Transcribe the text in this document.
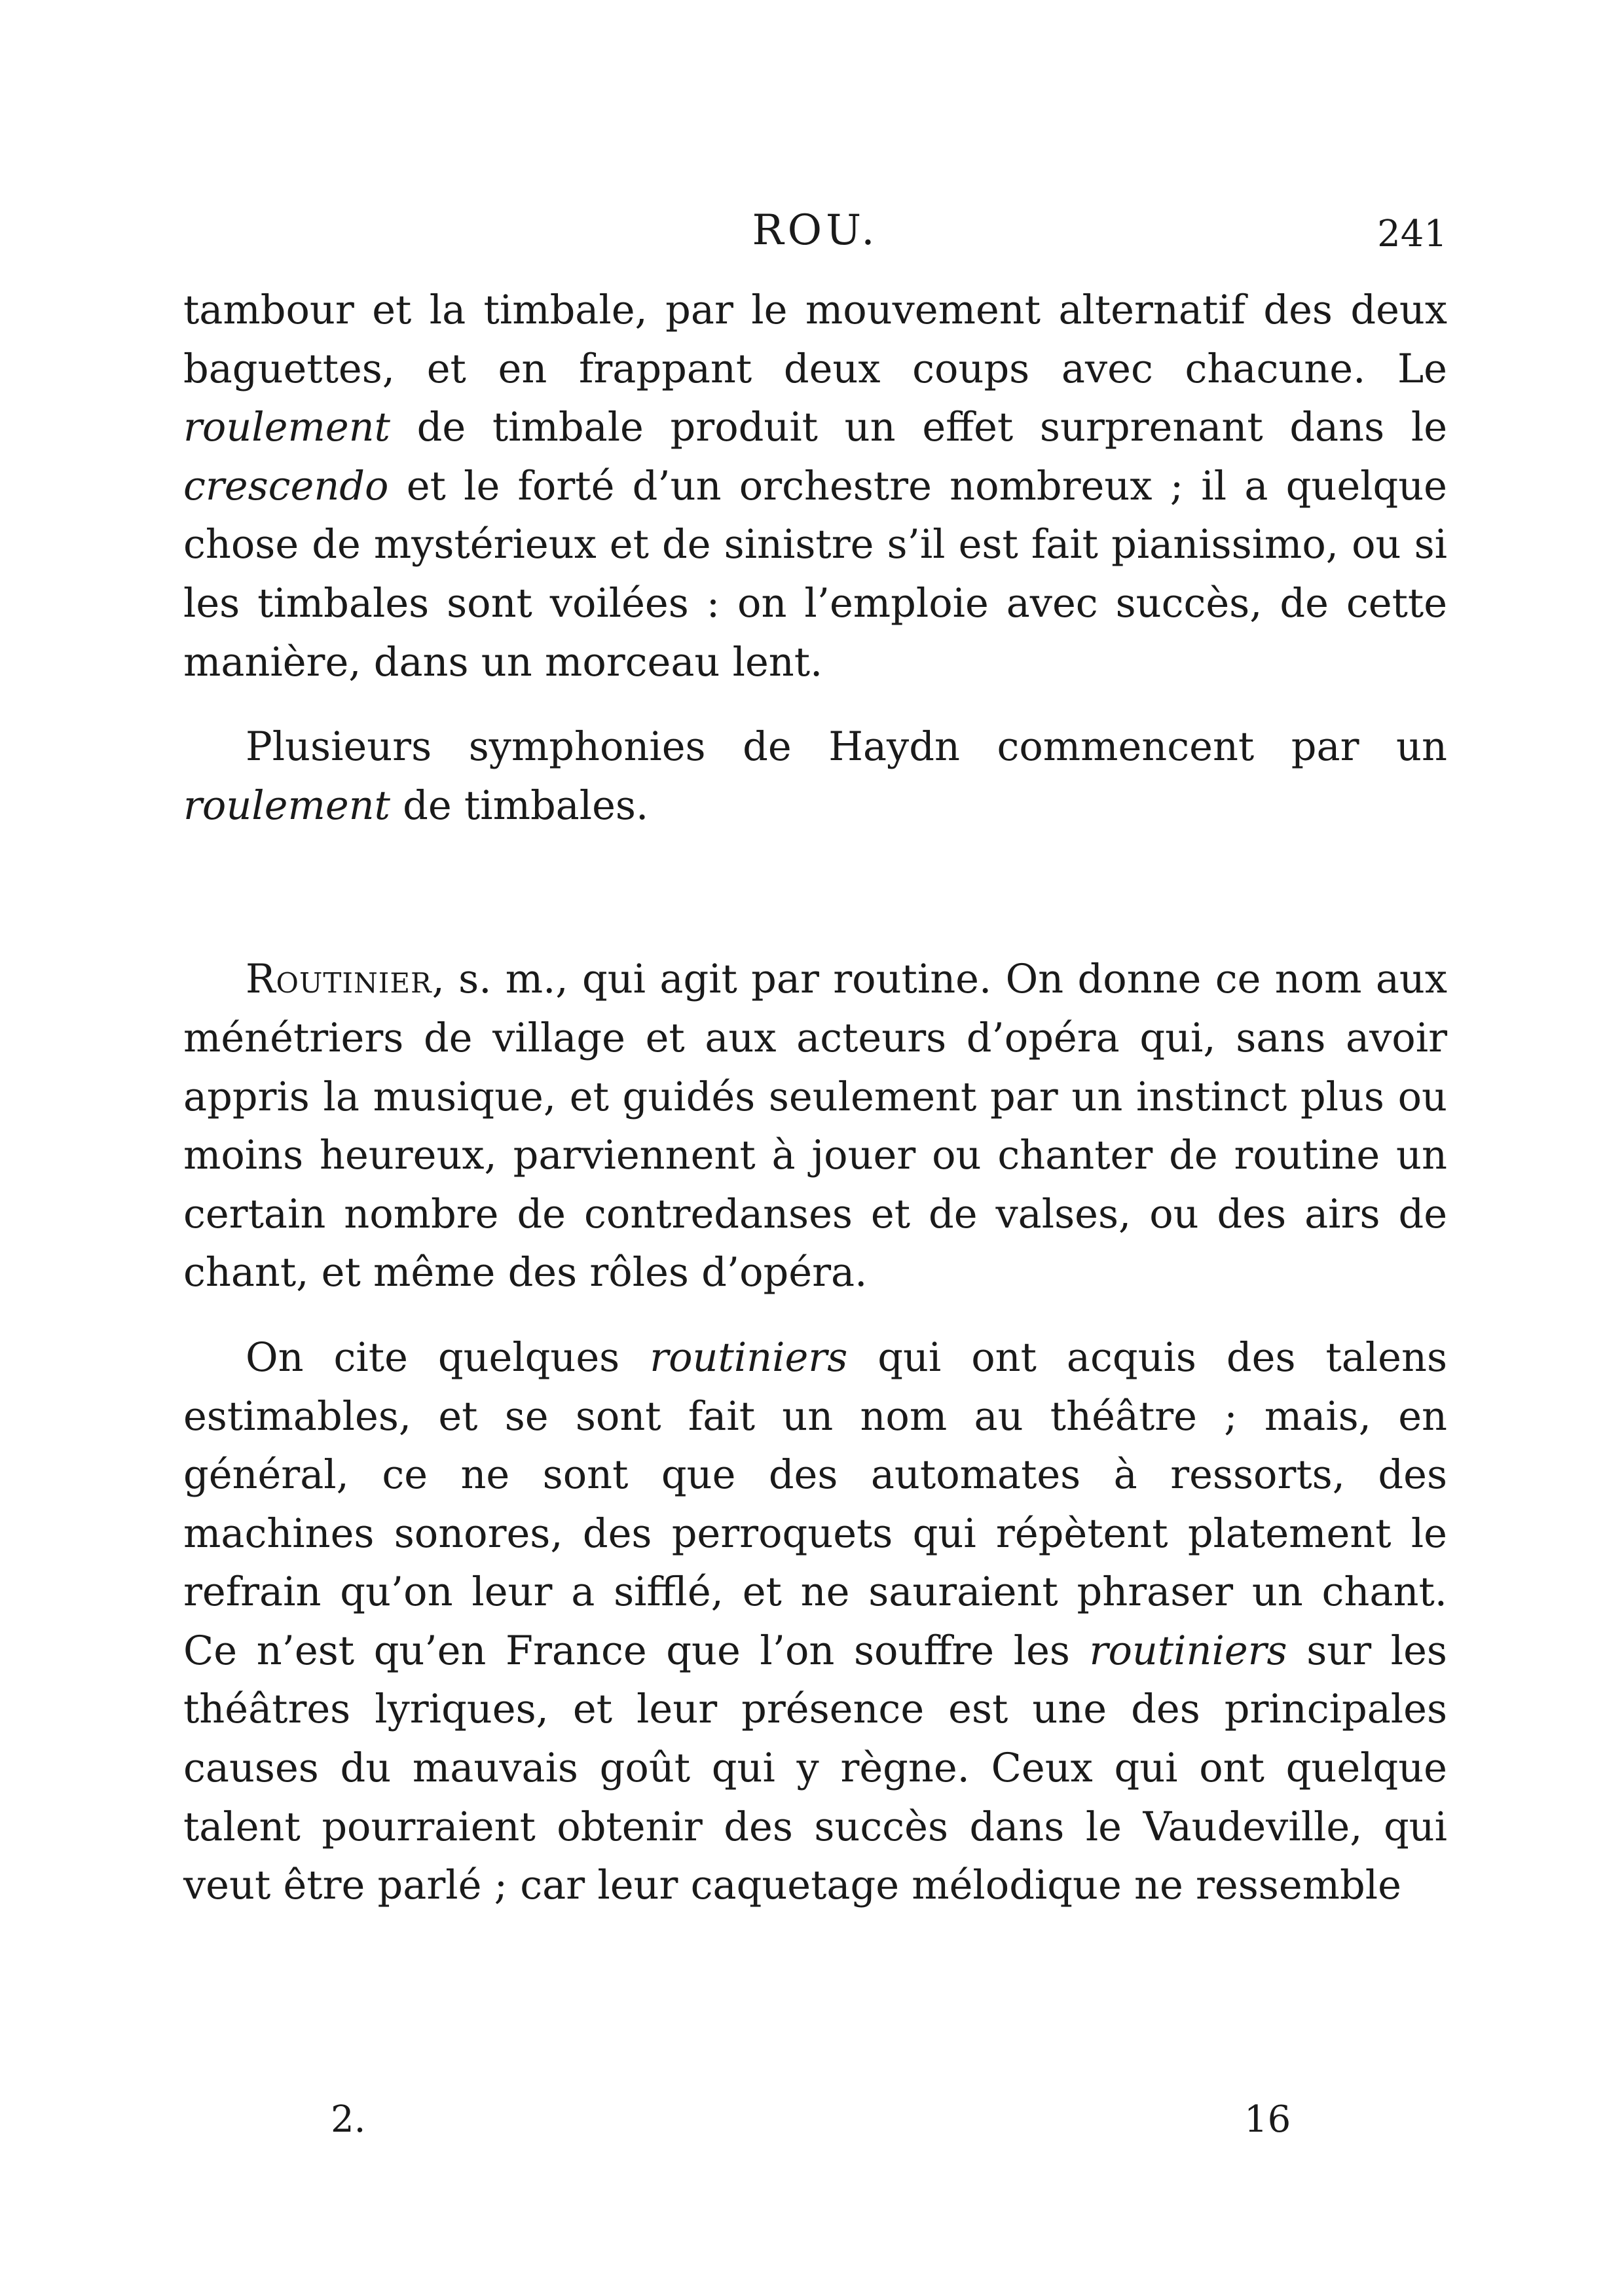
ROU.	241

tambour et la timbale, par le mouvement alternatif des deux baguettes, et en frappant deux coups avec chacune. Le roulement de timbale produit un effet surprenant dans le crescendo et le forté d’un orchestre nombreux ; il a quelque chose de mystérieux et de sinistre s’il est fait pianissimo, ou si les timbales sont voilées : on l’emploie avec succès, de cette manière, dans un morceau lent.

Plusieurs symphonies de Haydn commencent par un roulement de timbales.

Routinier, s. m., qui agit par routine. On donne ce nom aux ménétriers de village et aux acteurs d’opéra qui, sans avoir appris la musique, et guidés seulement par un instinct plus ou moins heureux, parviennent à jouer ou chanter de routine un certain nombre de contredanses et de valses, ou des airs de chant, et même des rôles d’opéra.

On cite quelques routiniers qui ont acquis des talens estimables, et se sont fait un nom au théâtre ; mais, en général, ce ne sont que des automates à ressorts, des machines sonores, des perroquets qui répètent platement le refrain qu’on leur a sifflé, et ne sauraient phraser un chant. Ce n’est qu’en France que l’on souffre les routiniers sur les théâtres lyriques, et leur présence est une des principales causes du mauvais goût qui y règne. Ceux qui ont quelque talent pourraient obtenir des succès dans le Vaudeville, qui veut être parlé ; car leur caquetage mélodique ne ressemble

2.	16
